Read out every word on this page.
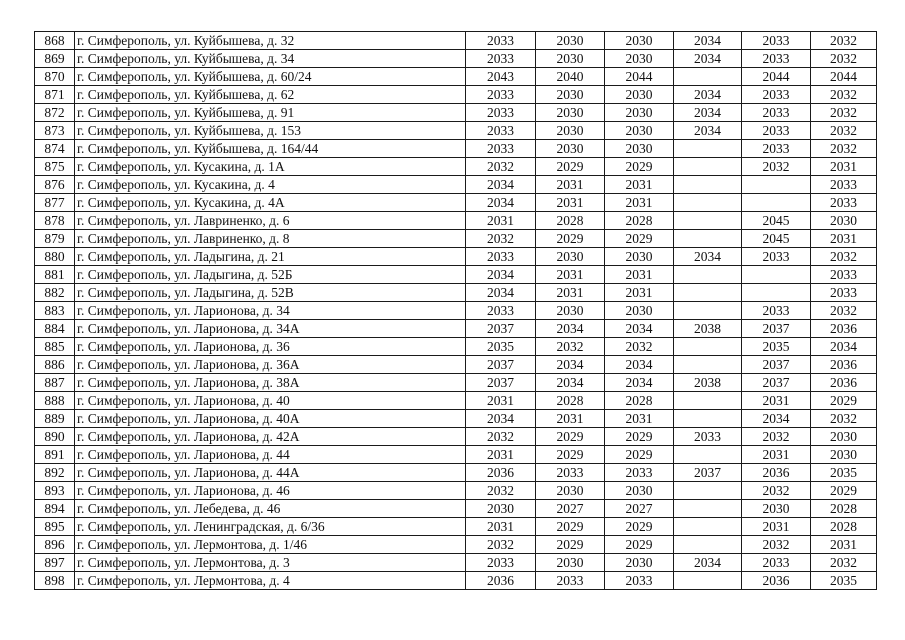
868	г. Симферополь, ул. Куйбышева, д. 32	2033	2030	2030	2034	2033	2032
869	г. Симферополь, ул. Куйбышева, д. 34	2033	2030	2030	2034	2033	2032
870	г. Симферополь, ул. Куйбышева, д. 60/24	2043	2040	2044		2044	2044
871	г. Симферополь, ул. Куйбышева, д. 62	2033	2030	2030	2034	2033	2032
872	г. Симферополь, ул. Куйбышева, д. 91	2033	2030	2030	2034	2033	2032
873	г. Симферополь, ул. Куйбышева, д. 153	2033	2030	2030	2034	2033	2032
874	г. Симферополь, ул. Куйбышева, д. 164/44	2033	2030	2030		2033	2032
875	г. Симферополь, ул. Кусакина, д. 1А	2032	2029	2029		2032	2031
876	г. Симферополь, ул. Кусакина, д. 4	2034	2031	2031			2033
877	г. Симферополь, ул. Кусакина, д. 4А	2034	2031	2031			2033
878	г. Симферополь, ул. Лавриненко, д. 6	2031	2028	2028		2045	2030
879	г. Симферополь, ул. Лавриненко, д. 8	2032	2029	2029		2045	2031
880	г. Симферополь, ул. Ладыгина, д. 21	2033	2030	2030	2034	2033	2032
881	г. Симферополь, ул. Ладыгина, д. 52Б	2034	2031	2031			2033
882	г. Симферополь, ул. Ладыгина, д. 52В	2034	2031	2031			2033
883	г. Симферополь, ул. Ларионова, д. 34	2033	2030	2030		2033	2032
884	г. Симферополь, ул. Ларионова, д. 34А	2037	2034	2034	2038	2037	2036
885	г. Симферополь, ул. Ларионова, д. 36	2035	2032	2032		2035	2034
886	г. Симферополь, ул. Ларионова, д. 36А	2037	2034	2034		2037	2036
887	г. Симферополь, ул. Ларионова, д. 38А	2037	2034	2034	2038	2037	2036
888	г. Симферополь, ул. Ларионова, д. 40	2031	2028	2028		2031	2029
889	г. Симферополь, ул. Ларионова, д. 40А	2034	2031	2031		2034	2032
890	г. Симферополь, ул. Ларионова, д. 42А	2032	2029	2029	2033	2032	2030
891	г. Симферополь, ул. Ларионова, д. 44	2031	2029	2029		2031	2030
892	г. Симферополь, ул. Ларионова, д. 44А	2036	2033	2033	2037	2036	2035
893	г. Симферополь, ул. Ларионова, д. 46	2032	2030	2030		2032	2029
894	г. Симферополь, ул. Лебедева, д. 46	2030	2027	2027		2030	2028
895	г. Симферополь, ул. Ленинградская, д. 6/36	2031	2029	2029		2031	2028
896	г. Симферополь, ул. Лермонтова, д. 1/46	2032	2029	2029		2032	2031
897	г. Симферополь, ул. Лермонтова, д. 3	2033	2030	2030	2034	2033	2032
898	г. Симферополь, ул. Лермонтова, д. 4	2036	2033	2033		2036	2035
